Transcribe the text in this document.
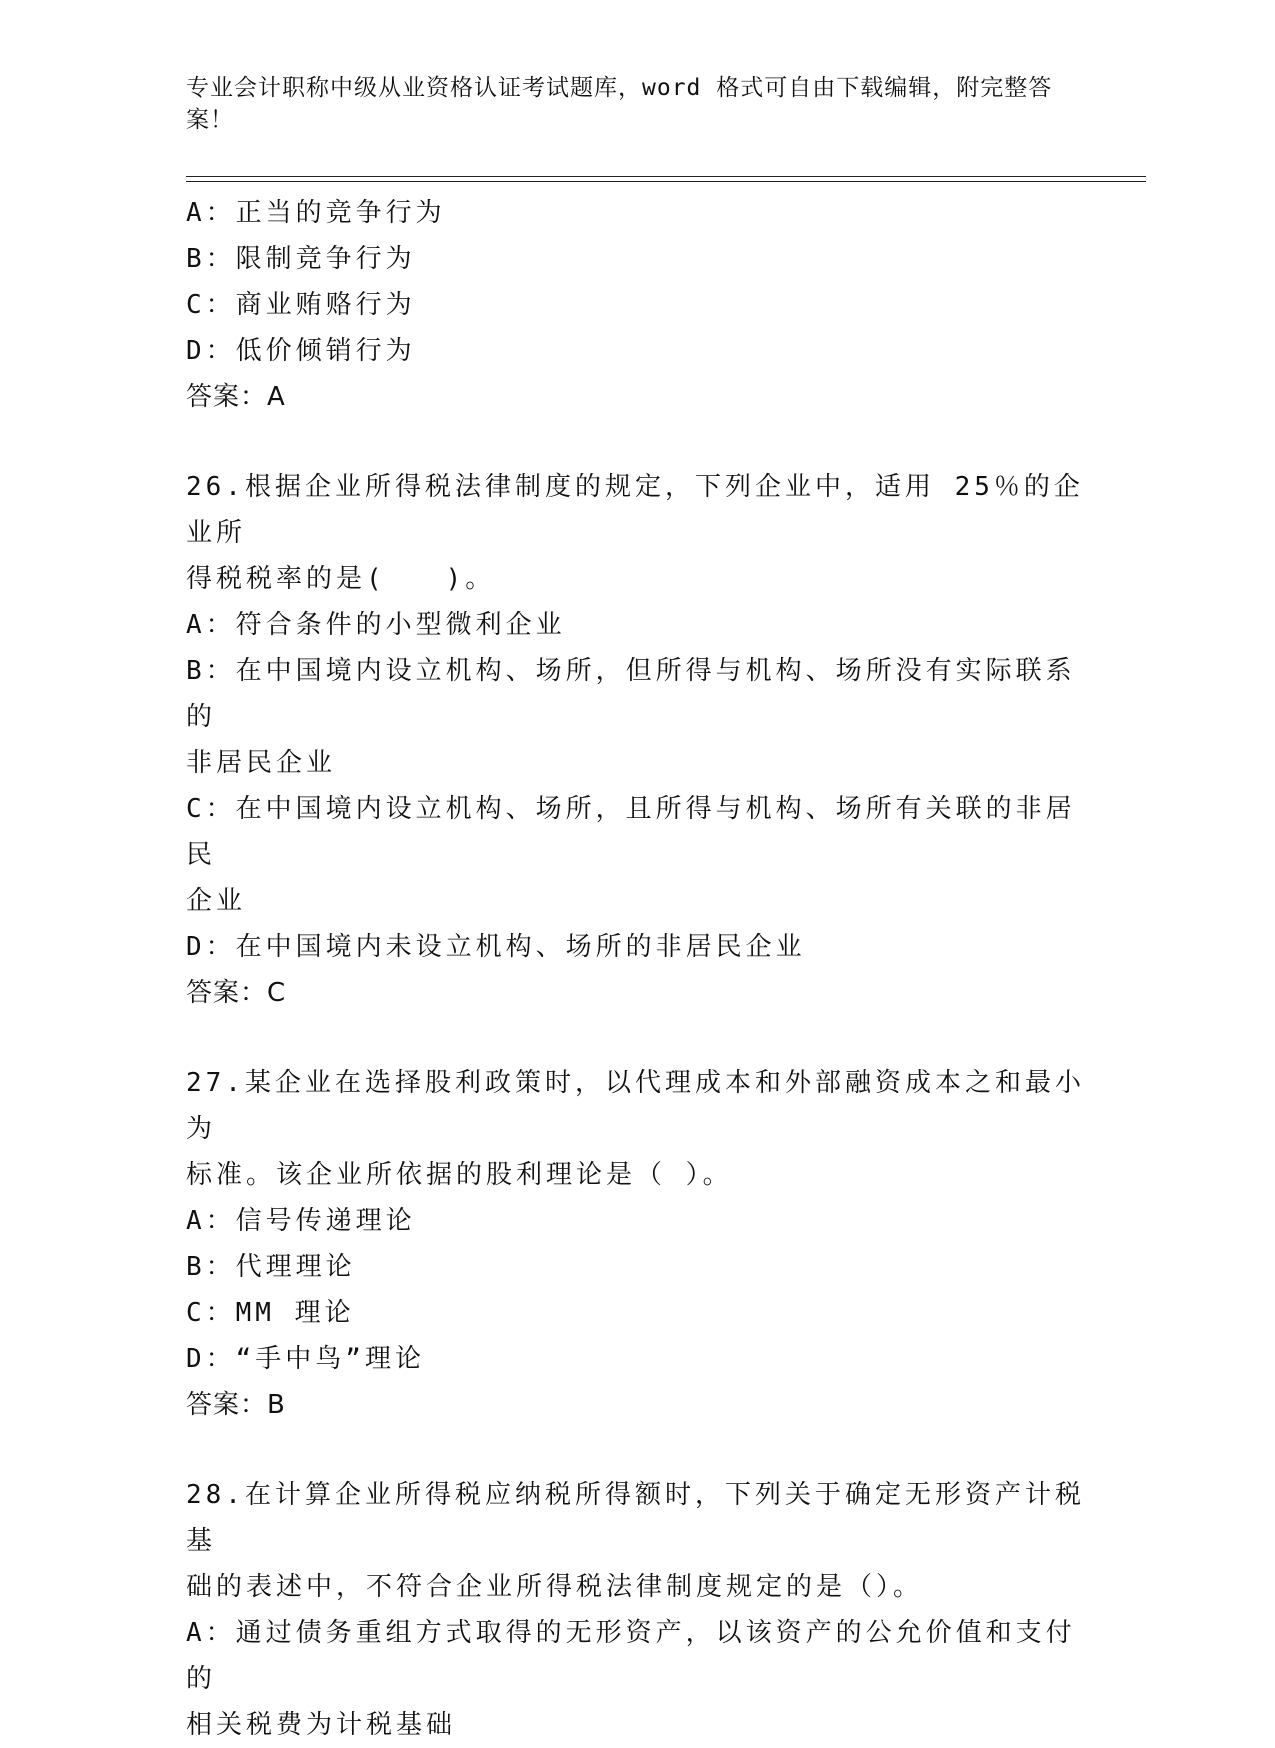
专业会计职称中级从业资格认证考试题库，word 格式可自由下载编辑，附完整答
案！
A：正当的竞争行为
B：限制竞争行为
C：商业贿赂行为
D：低价倾销行为
答案：A
26.根据企业所得税法律制度的规定，下列企业中，适用 25％的企业所
得税税率的是(　　)。
A：符合条件的小型微利企业
B：在中国境内设立机构、场所，但所得与机构、场所没有实际联系的
非居民企业
C：在中国境内设立机构、场所，且所得与机构、场所有关联的非居民
企业
D：在中国境内未设立机构、场所的非居民企业
答案：C
27.某企业在选择股利政策时，以代理成本和外部融资成本之和最小为
标准。该企业所依据的股利理论是（ ）。
A：信号传递理论
B：代理理论
C：MM 理论
D：“手中鸟”理论
答案：B
28.在计算企业所得税应纳税所得额时，下列关于确定无形资产计税基
础的表述中，不符合企业所得税法律制度规定的是（）。
A：通过债务重组方式取得的无形资产，以该资产的公允价值和支付的
相关税费为计税基础
